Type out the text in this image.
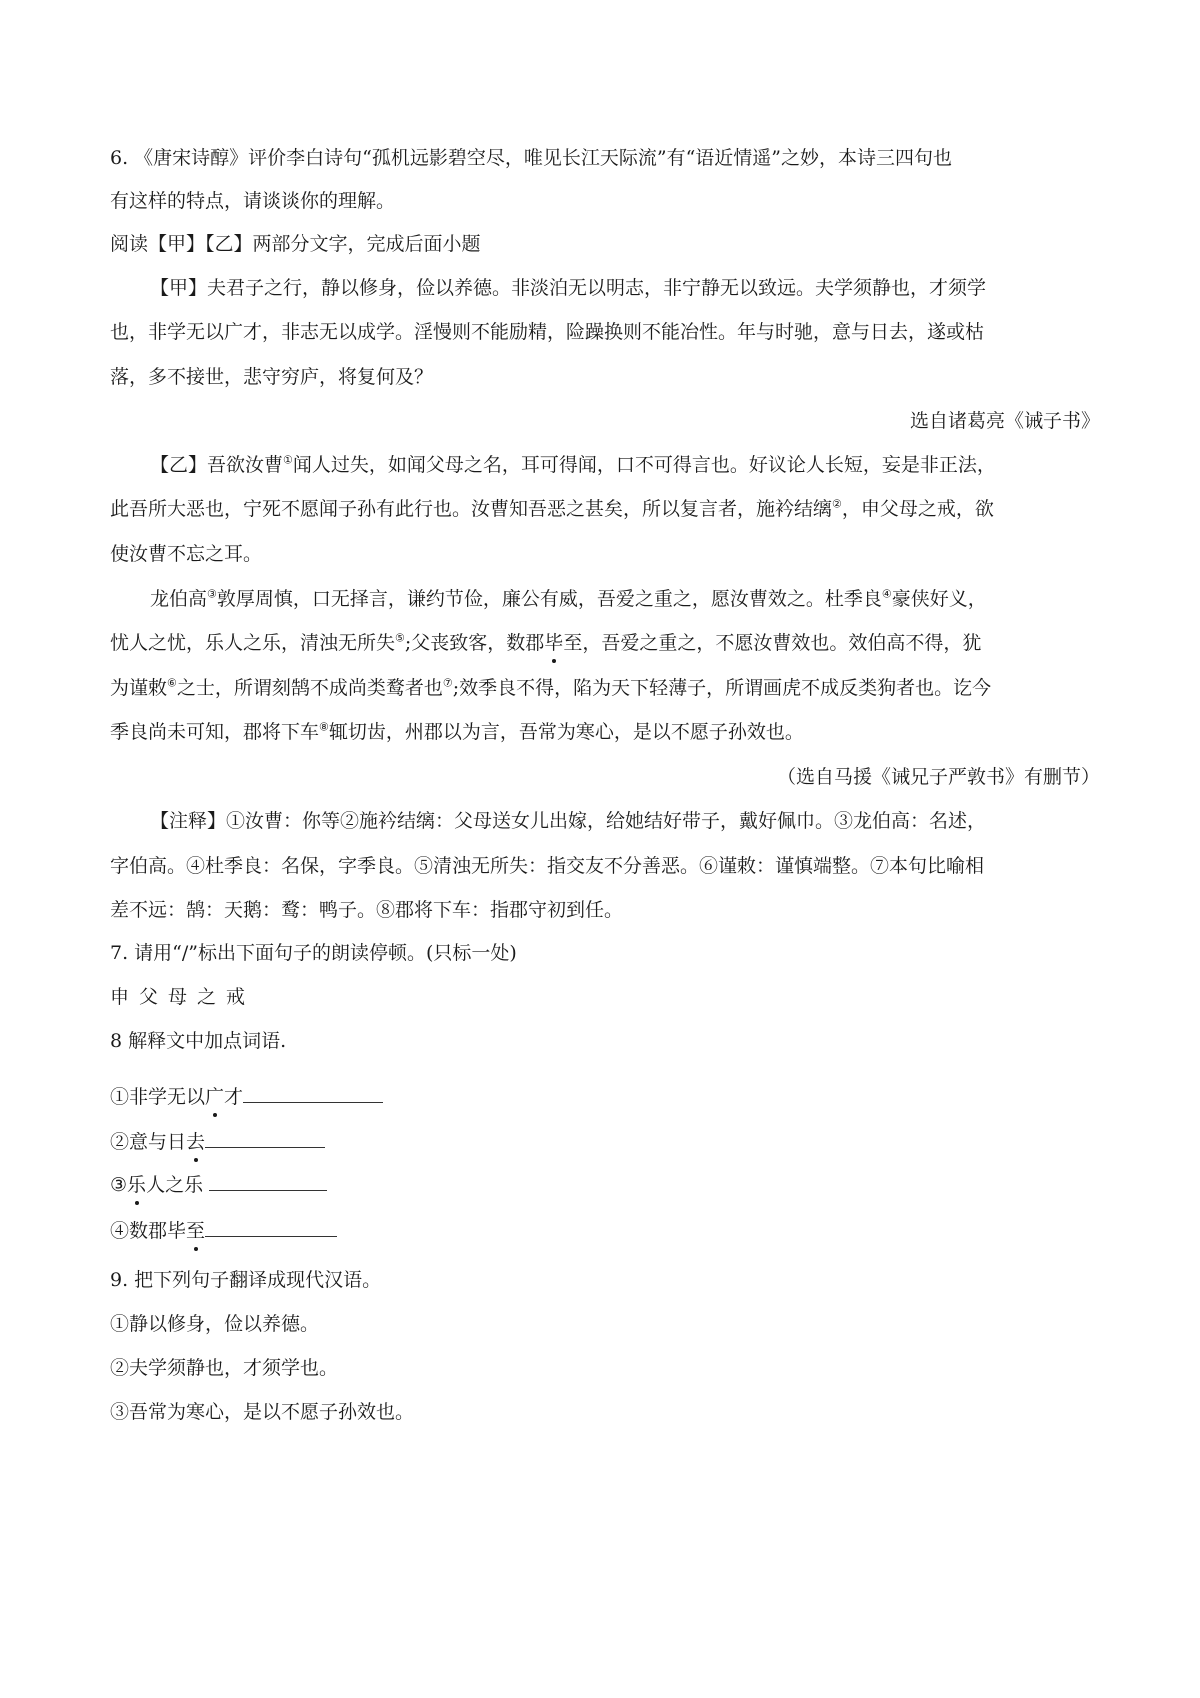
6. 《唐宋诗醇》评价李白诗句“孤机远影碧空尽，唯见长江天际流”有“语近情遥”之妙，本诗三四句也
有这样的特点，请谈谈你的理解。
阅读【甲】【乙】两部分文字，完成后面小题
【甲】夫君子之行，静以修身，俭以养德。非淡泊无以明志，非宁静无以致远。夫学须静也，才须学
也，非学无以广才，非志无以成学。淫慢则不能励精，险躁换则不能冶性。年与时驰，意与日去，遂或枯
落，多不接世，悲守穷庐，将复何及？
选自诸葛亮《诫子书》
【乙】吾欲汝曹①闻人过失，如闻父母之名，耳可得闻，口不可得言也。好议论人长短，妄是非正法，
此吾所大恶也，宁死不愿闻子孙有此行也。汝曹知吾恶之甚矣，所以复言者，施衿结缡②，申父母之戒，欲
使汝曹不忘之耳。
龙伯高③敦厚周慎，口无择言，谦约节俭，廉公有威，吾爱之重之，愿汝曹效之。杜季良④豪侠好义，
忧人之忧，乐人之乐，清浊无所失⑤;父丧致客，数郡毕至，吾爱之重之，不愿汝曹效也。效伯高不得，犹
为谨敕⑥之士，所谓刻鹄不成尚类鹜者也⑦;效季良不得，陷为天下轻薄子，所谓画虎不成反类狗者也。讫今
季良尚未可知，郡将下车⑧辄切齿，州郡以为言，吾常为寒心，是以不愿子孙效也。
（选自马援《诫兄子严敦书》有删节）
【注释】①汝曹：你等②施衿结缡：父母送女儿出嫁，给她结好带子，戴好佩巾。③龙伯高：名述，
字伯高。④杜季良：名保，字季良。⑤清浊无所失：指交友不分善恶。⑥谨敕：谨慎端整。⑦本句比喻相
差不远：鹄：天鹅：鹜：鸭子。⑧郡将下车：指郡守初到任。
7. 请用“/”标出下面句子的朗读停顿。(只标一处)
申父母之戒
8 解释文中加点词语.
①非学无以广才
②意与日去
③乐人之乐
④数郡毕至
9. 把下列句子翻译成现代汉语。
①静以修身，俭以养德。
②夫学须静也，才须学也。
③吾常为寒心，是以不愿子孙效也。
